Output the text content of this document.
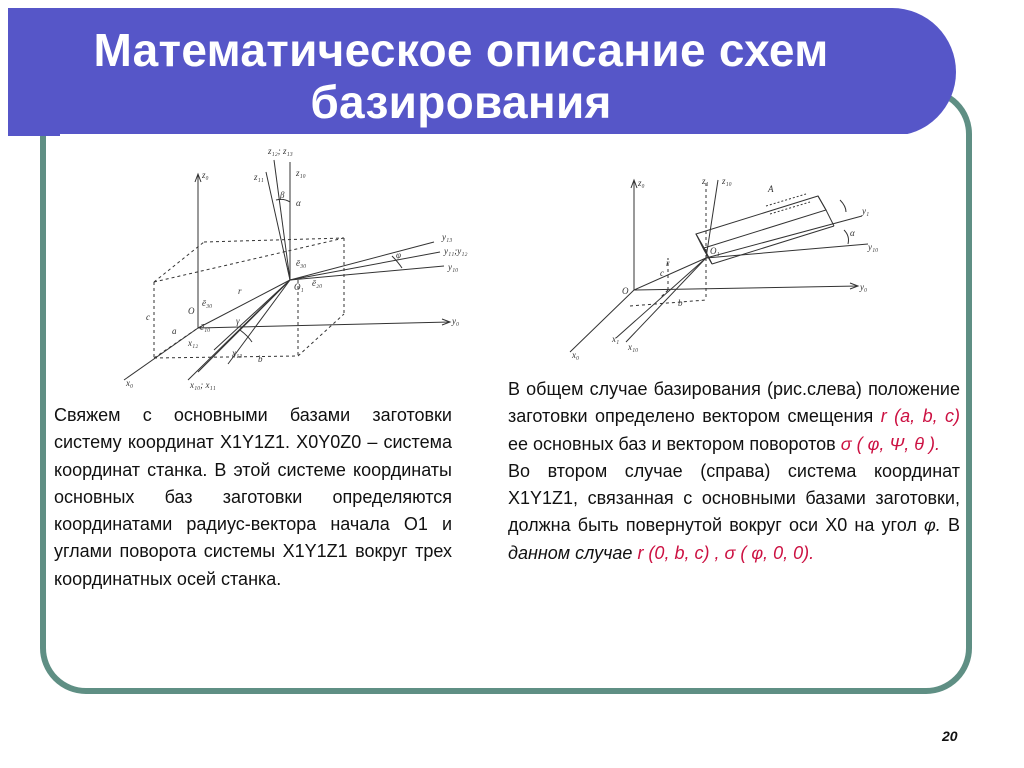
Математическое описание схем
базирования
z₀
z₁₂; z₁₃
z₁₁	z₁₀
y₁₃
y₁₁;y₁₂
y₁₀
y₀
x₀	x₁₀; x₁₁
x₁₂
x₁₃
O
O₁
a
b
c
r
ē₃₀
ē₁₀
ē₂₀
ē₃₀
β
α
γ
φ
z₀	z₁ z₁₀
y₁
y₁₀
y₀
x₀
x₁
x₁₀
O
O₁
A
b
c
r
α
Свяжем с основными базами заготовки систему координат X1Y1Z1. X0Y0Z0 – система координат станка. В этой системе координаты основных баз заготовки определяются координатами радиус-вектора начала О1 и углами поворота системы X1Y1Z1 вокруг трех координатных осей станка.
В общем случае базирования (рис.слева) положение заготовки определено вектором смещения r (a, b, c) ее основных баз и вектором поворотов σ ( φ, Ψ, θ ).
Во втором случае (справа) система координат X1Y1Z1, связанная с основными базами заготовки, должна быть повернутой вокруг оси X0 на угол φ. В данном случае r (0, b, c) , σ ( φ, 0, 0).
20
